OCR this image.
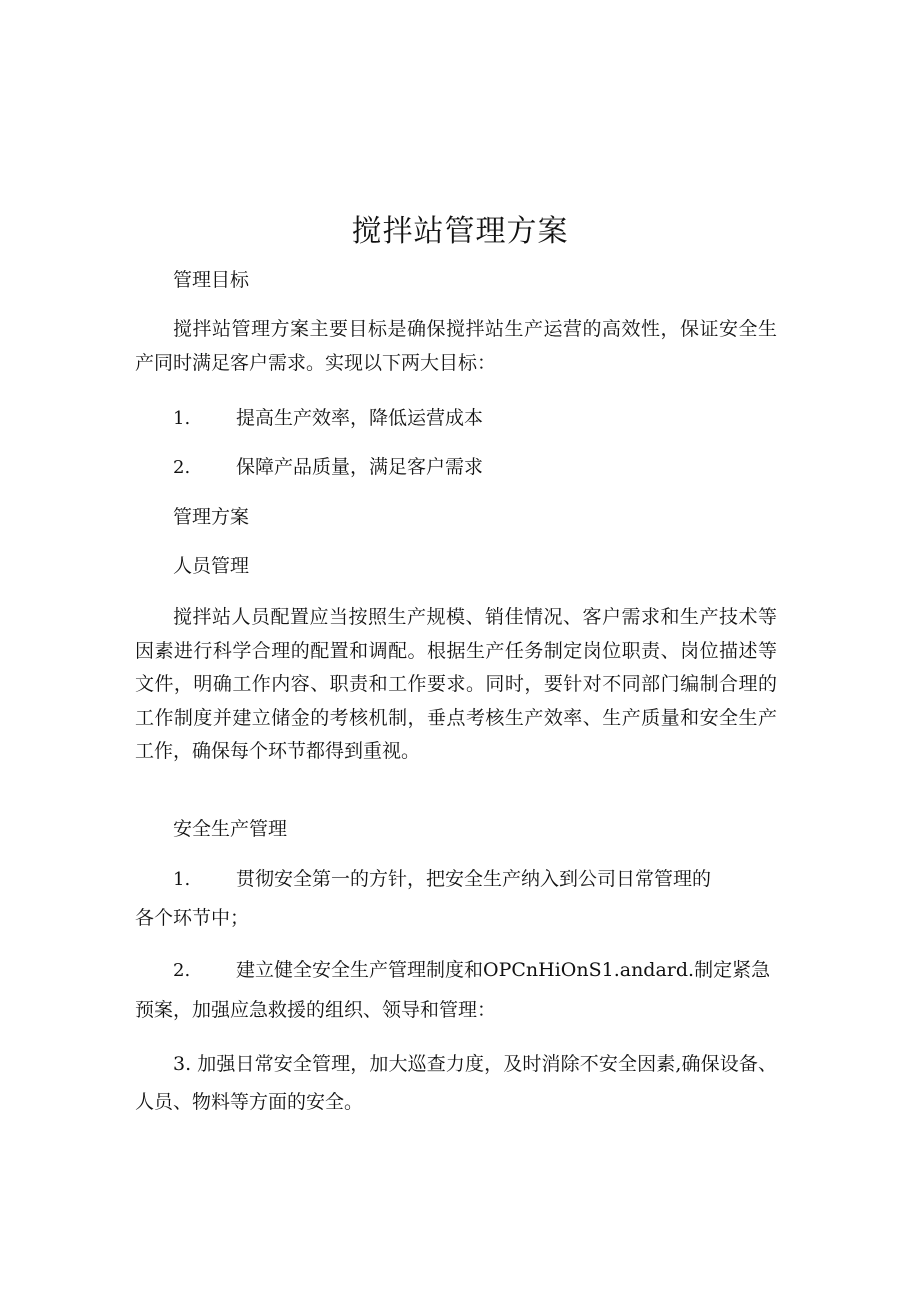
搅拌站管理方案
管理目标
搅拌站管理方案主要目标是确保搅拌站生产运营的高效性，保证安全生产同时满足客户需求。实现以下两大目标：
1. 提高生产效率，降低运营成本
2. 保障产品质量，满足客户需求
管理方案
人员管理
搅拌站人员配置应当按照生产规模、销佳情况、客户需求和生产技术等因素进行科学合理的配置和调配。根据生产任务制定岗位职责、岗位描述等文件，明确工作内容、职责和工作要求。同时，要针对不同部门编制合理的工作制度并建立储金的考核机制，垂点考核生产效率、生产质量和安全生产工作，确保每个环节都得到重视。
安全生产管理
1. 贯彻安全第一的方针，把安全生产纳入到公司日常管理的
各个环节中；
2. 建立健全安全生产管理制度和OPCnHiOnS1.andard.制定紧急
预案，加强应急救援的组织、领导和管理：
3. 加强日常安全管理，加大巡查力度，及时消除不安全因素,确保设备、人员、物料等方面的安全。
